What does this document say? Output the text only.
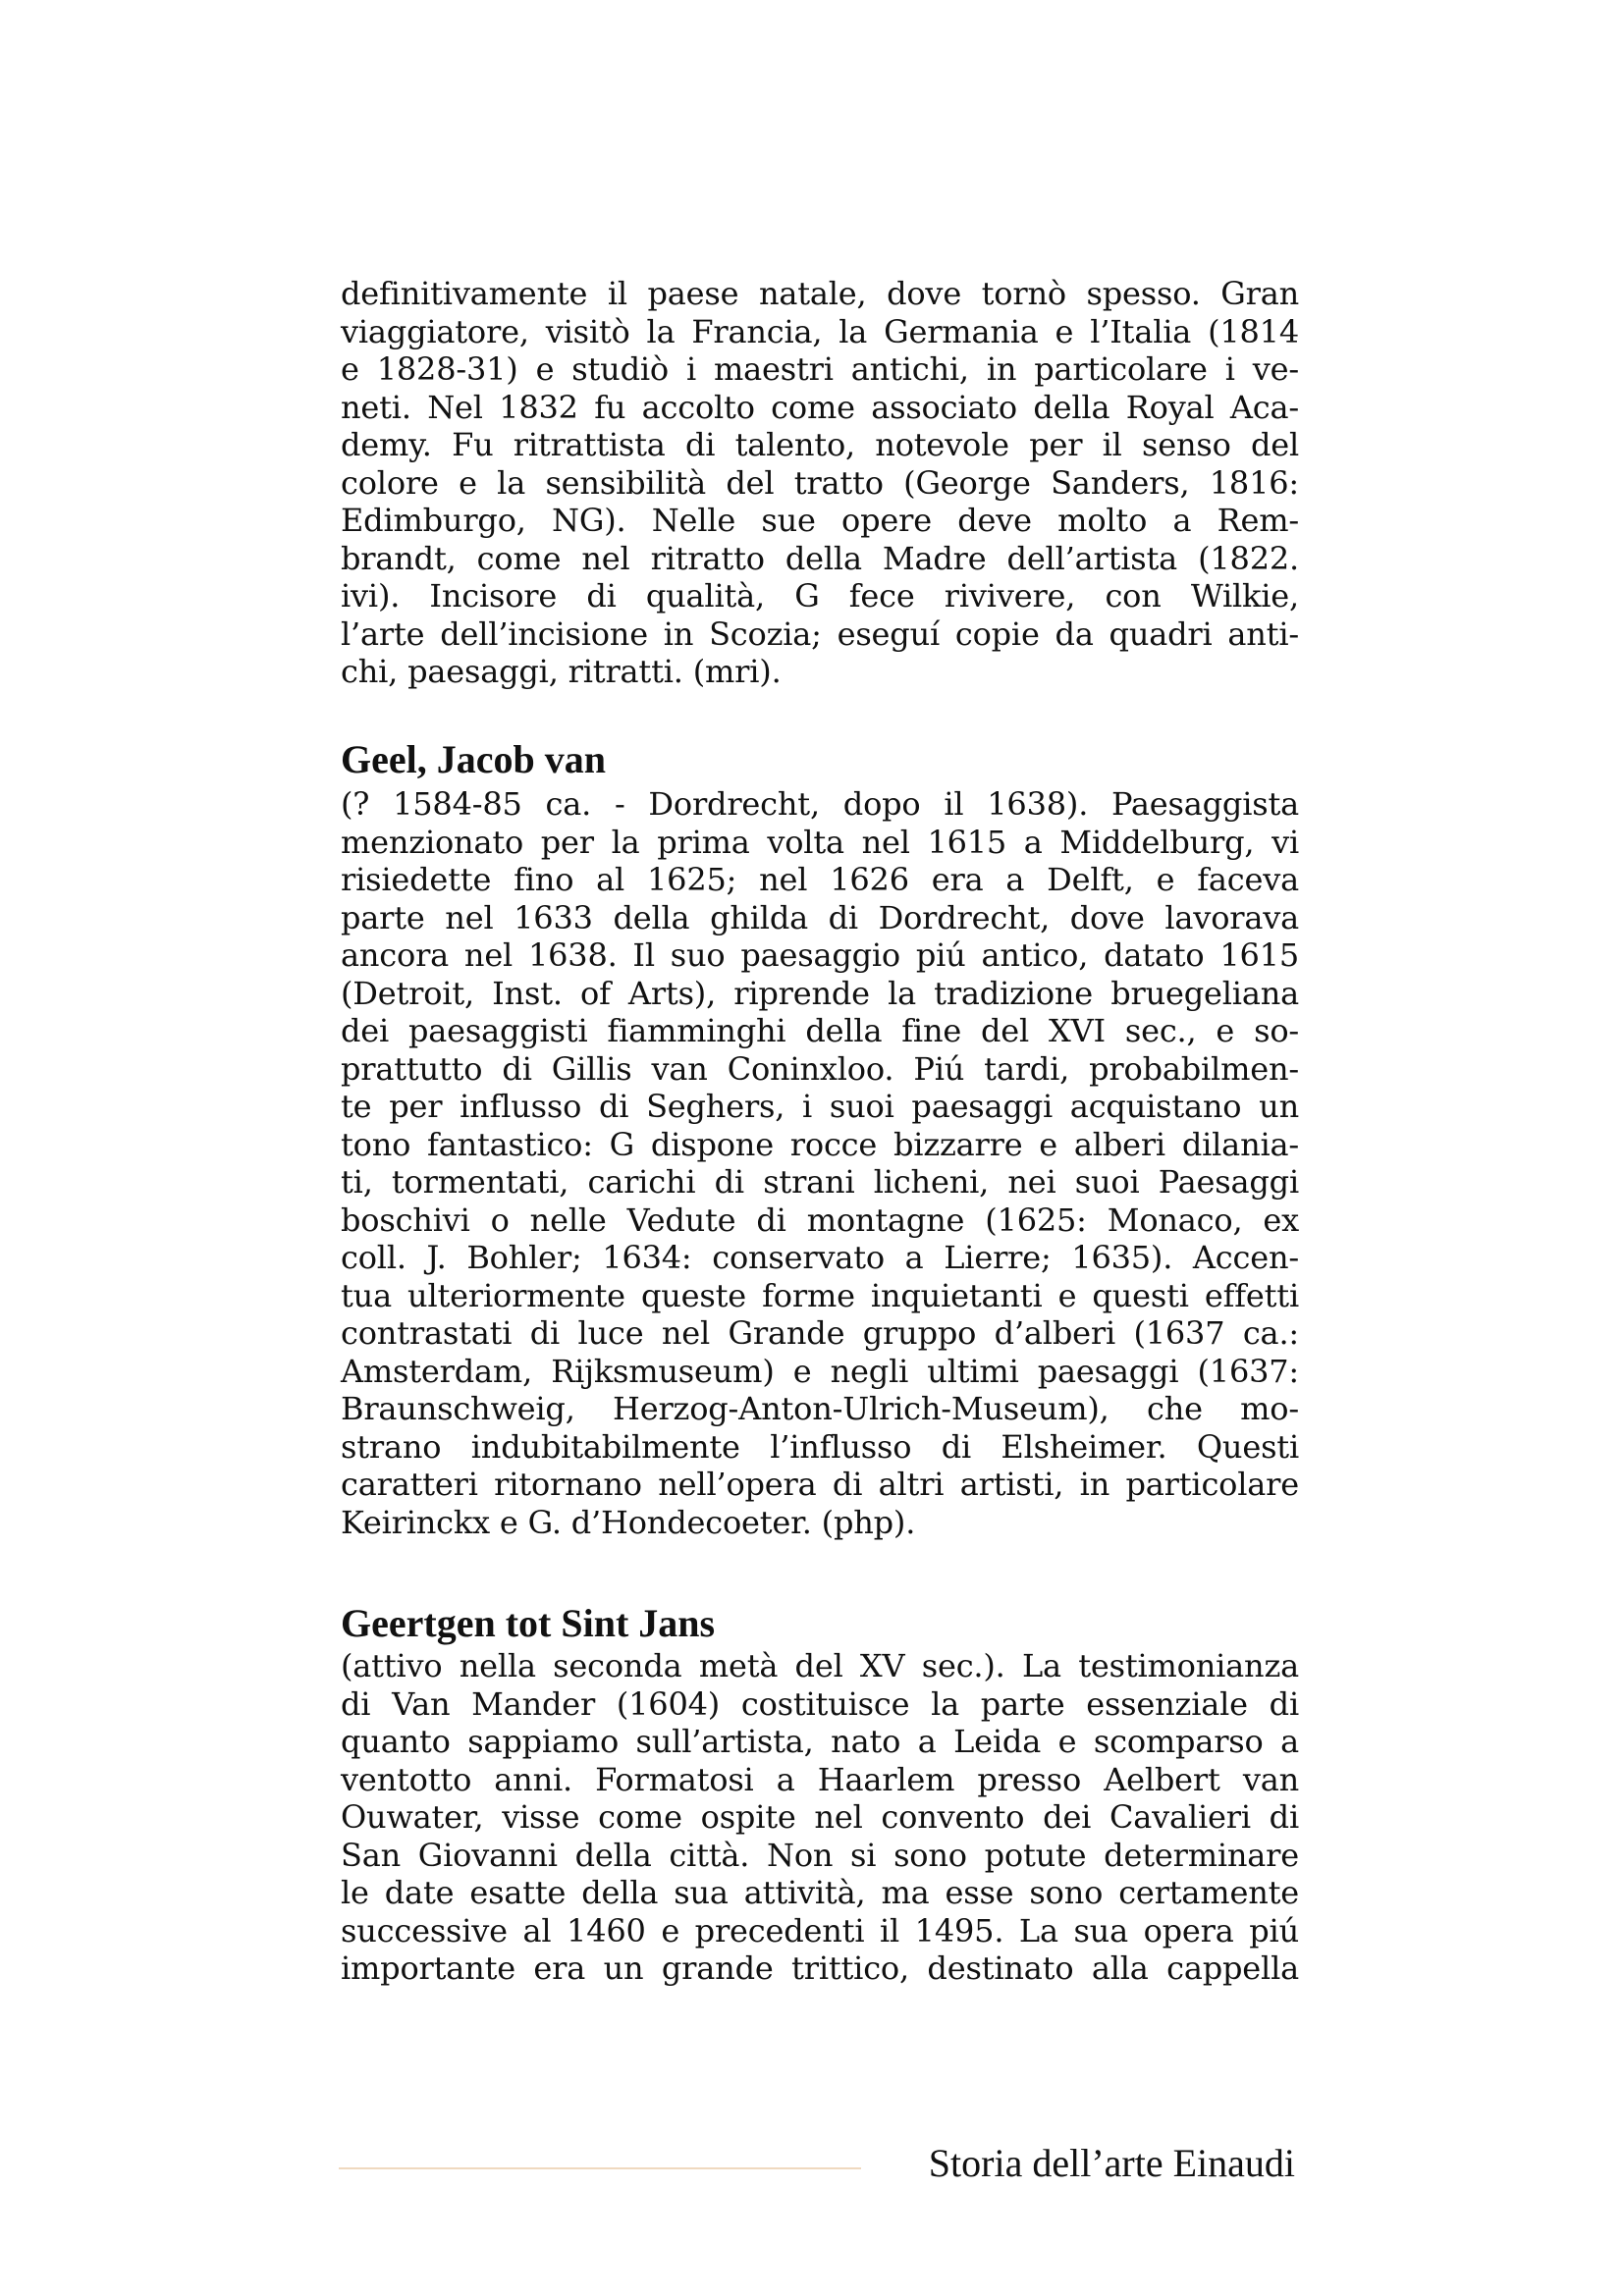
definitivamente il paese natale, dove tornò spesso. Gran
viaggiatore, visitò la Francia, la Germania e l’Italia (1814
e 1828-31) e studiò i maestri antichi, in particolare i ve-
neti. Nel 1832 fu accolto come associato della Royal Aca-
demy. Fu ritrattista di talento, notevole per il senso del
colore e la sensibilità del tratto (George Sanders, 1816:
Edimburgo, NG). Nelle sue opere deve molto a Rem-
brandt, come nel ritratto della Madre dell’artista (1822.
ivi). Incisore di qualità, G fece rivivere, con Wilkie,
l’arte dell’incisione in Scozia; eseguí copie da quadri anti-
chi, paesaggi, ritratti. (mri).
Geel, Jacob van
(? 1584-85 ca. - Dordrecht, dopo il 1638). Paesaggista
menzionato per la prima volta nel 1615 a Middelburg, vi
risiedette fino al 1625; nel 1626 era a Delft, e faceva
parte nel 1633 della ghilda di Dordrecht, dove lavorava
ancora nel 1638. Il suo paesaggio piú antico, datato 1615
(Detroit, Inst. of Arts), riprende la tradizione bruegeliana
dei paesaggisti fiamminghi della fine del XVI sec., e so-
prattutto di Gillis van Coninxloo. Piú tardi, probabilmen-
te per influsso di Seghers, i suoi paesaggi acquistano un
tono fantastico: G dispone rocce bizzarre e alberi dilania-
ti, tormentati, carichi di strani licheni, nei suoi Paesaggi
boschivi o nelle Vedute di montagne (1625: Monaco, ex
coll. J. Bohler; 1634: conservato a Lierre; 1635). Accen-
tua ulteriormente queste forme inquietanti e questi effetti
contrastati di luce nel Grande gruppo d’alberi (1637 ca.:
Amsterdam, Rijksmuseum) e negli ultimi paesaggi (1637:
Braunschweig, Herzog-Anton-Ulrich-Museum), che mo-
strano indubitabilmente l’influsso di Elsheimer. Questi
caratteri ritornano nell’opera di altri artisti, in particolare
Keirinckx e G. d’Hondecoeter. (php).
Geertgen tot Sint Jans
(attivo nella seconda metà del XV sec.). La testimonianza
di Van Mander (1604) costituisce la parte essenziale di
quanto sappiamo sull’artista, nato a Leida e scomparso a
ventotto anni. Formatosi a Haarlem presso Aelbert van
Ouwater, visse come ospite nel convento dei Cavalieri di
San Giovanni della città. Non si sono potute determinare
le date esatte della sua attività, ma esse sono certamente
successive al 1460 e precedenti il 1495. La sua opera piú
importante era un grande trittico, destinato alla cappella
Storia dell’arte Einaudi
